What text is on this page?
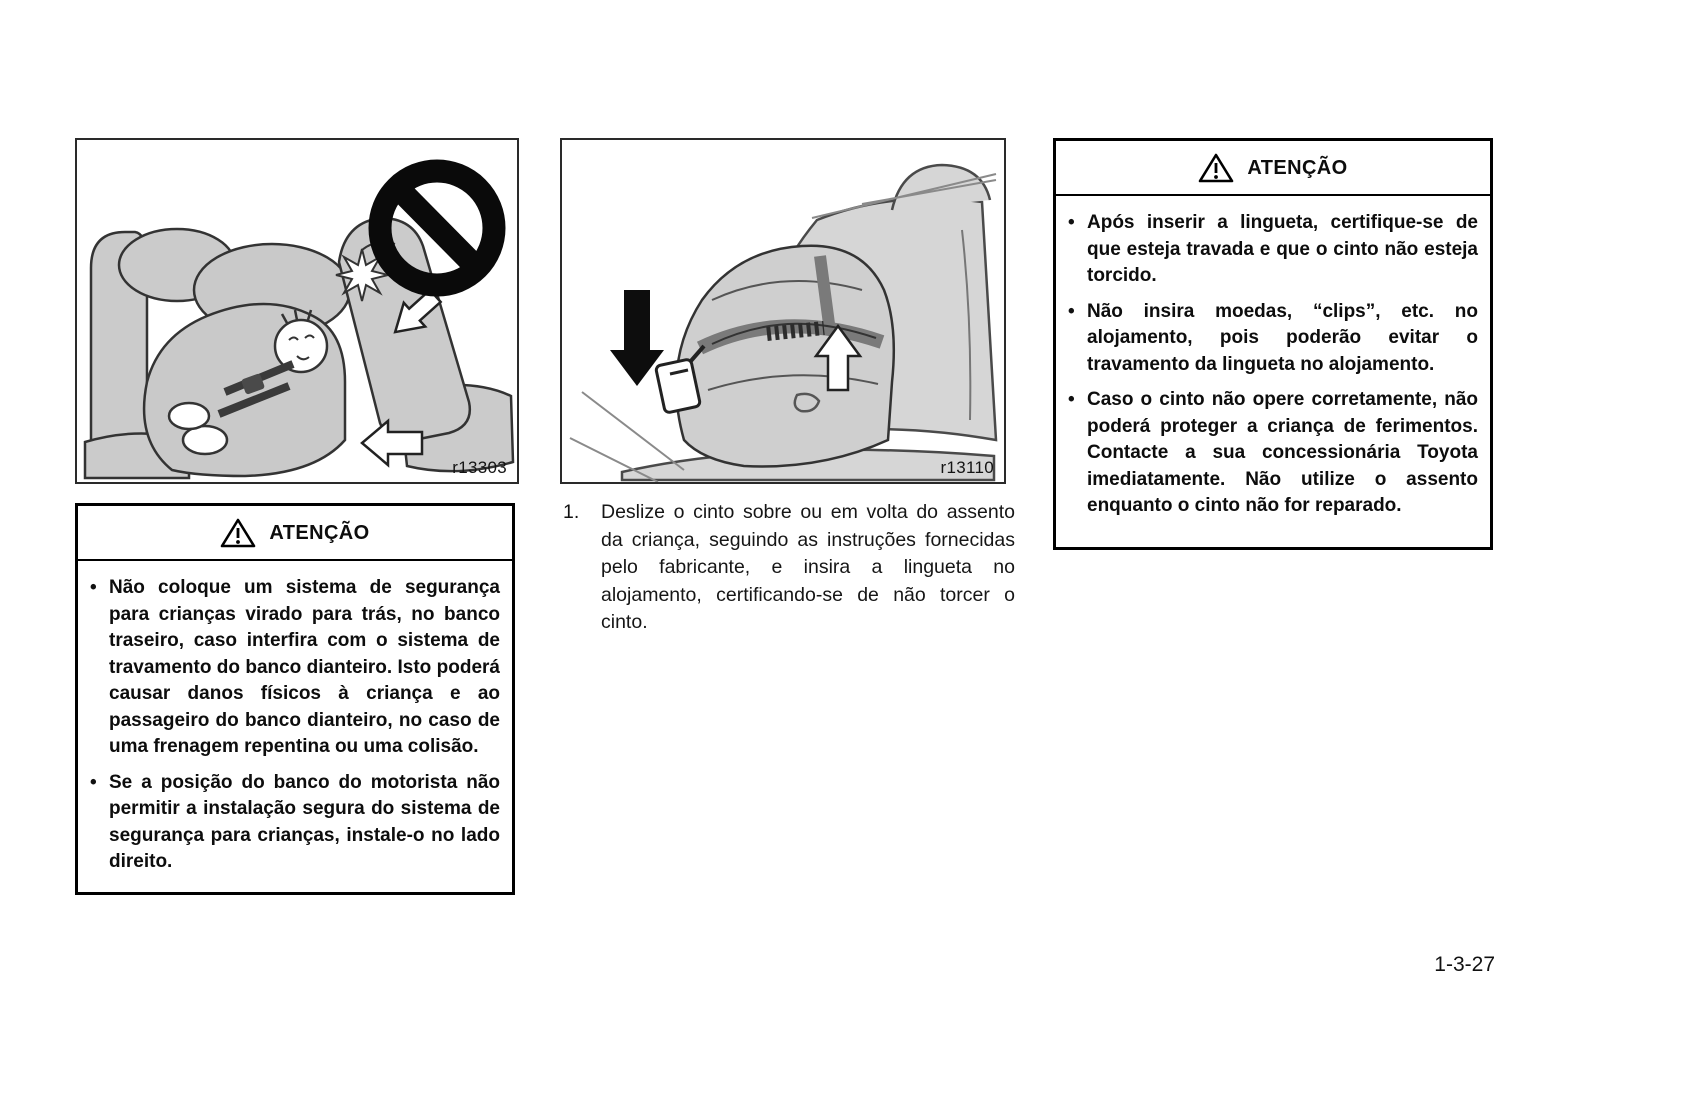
r13303	r13110
ATENÇÃO
• Não coloque um sistema de segurança para crianças virado para trás, no banco traseiro, caso interfira com o sistema de travamento do banco dianteiro. Isto poderá causar danos físicos à criança e ao passageiro do banco dianteiro, no caso de uma frenagem repentina ou uma colisão.
• Se a posição do banco do motorista não permitir a instalação segura do sistema de segurança para crianças, instale-o no lado direito.
1.	Deslize o cinto sobre ou em volta do assento da criança, seguindo as instruções fornecidas pelo fabricante, e insira a lingueta no alojamento, certificando-se de não torcer o cinto.
ATENÇÃO
• Após inserir a lingueta, certifique-se de que esteja travada e que o cinto não esteja torcido.
• Não insira moedas, “clips”, etc. no alojamento, pois poderão evitar o travamento da lingueta no alojamento.
• Caso o cinto não opere corretamente, não poderá proteger a criança de ferimentos. Contacte a sua concessionária Toyota imediatamente. Não utilize o assento enquanto o cinto não for reparado.
1-3-27
